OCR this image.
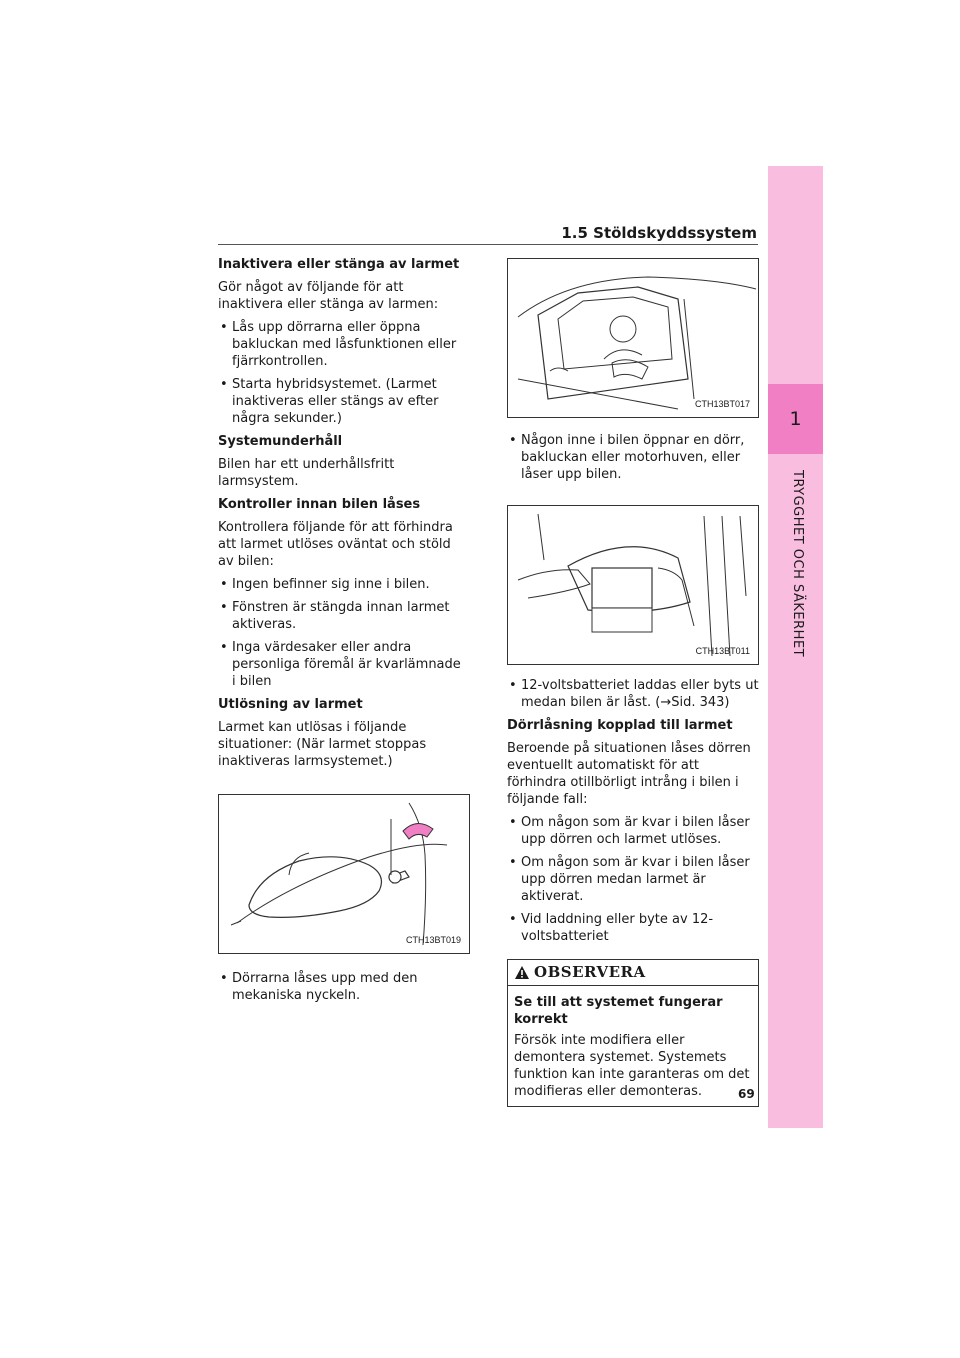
1
TRYGGHET OCH SÄKERHET
1.5 Stöldskyddssystem
Inaktivera eller stänga av larmet

Gör något av följande för att inaktivera eller stänga av larmen:

• Lås upp dörrarna eller öppna bakluckan med låsfunktionen eller fjärrkontrollen.
• Starta hybridsystemet. (Larmet inaktiveras eller stängs av efter några sekunder.)
Systemunderhåll

Bilen har ett underhållsfritt larmsystem.

Kontroller innan bilen låses

Kontrollera följande för att förhindra att larmet utlöses oväntat och stöld av bilen:

• Ingen befinner sig inne i bilen.
• Fönstren är stängda innan larmet aktiveras.
• Inga värdesaker eller andra personliga föremål är kvarlämnade i bilen
Utlösning av larmet

Larmet kan utlösas i följande situationer: (När larmet stoppas inaktiveras larmsystemet.)

CTH13BT019
• Dörrarna låses upp med den mekaniska nyckeln.
CTH13BT017
• Någon inne i bilen öppnar en dörr, bakluckan eller motorhuven, eller låser upp bilen.
CTH13BT011
• 12-voltsbatteriet laddas eller byts ut medan bilen är låst. (→Sid. 343)
Dörrlåsning kopplad till larmet

Beroende på situationen låses dörren eventuellt automatiskt för att förhindra otillbörligt intrång i bilen i följande fall:

• Om någon som är kvar i bilen låser upp dörren och larmet utlöses.
• Om någon som är kvar i bilen låser upp dörren medan larmet är aktiverat.
• Vid laddning eller byte av 12-voltsbatteriet
OBSERVERA
Se till att systemet fungerar korrekt

Försök inte modifiera eller demontera systemet. Systemets funktion kan inte garanteras om det modifieras eller demonteras.	69
